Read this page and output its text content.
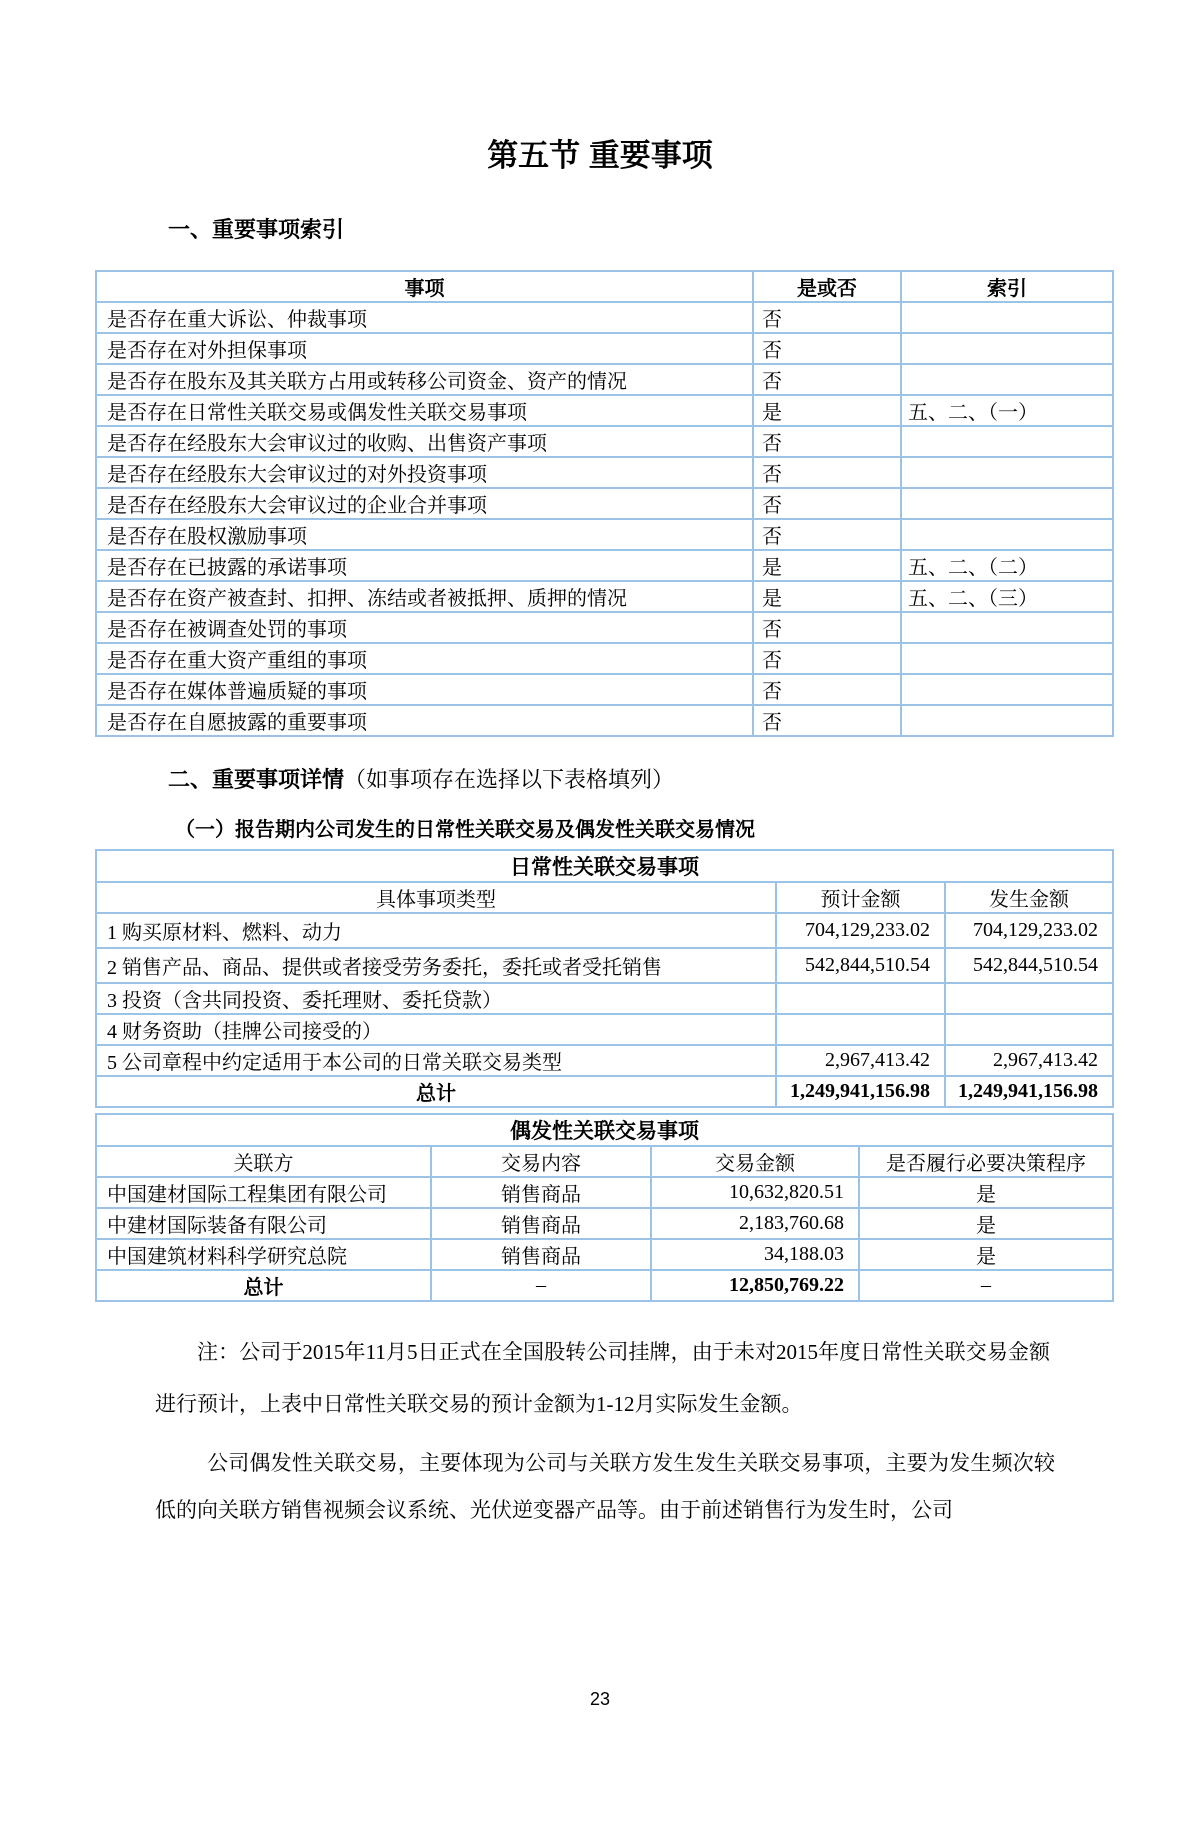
第五节 重要事项
一、重要事项索引
事项	是或否	索引
是否存在重大诉讼、仲裁事项	否	
是否存在对外担保事项	否	
是否存在股东及其关联方占用或转移公司资金、资产的情况	否	
是否存在日常性关联交易或偶发性关联交易事项	是	五、二、（一）
是否存在经股东大会审议过的收购、出售资产事项	否	
是否存在经股东大会审议过的对外投资事项	否	
是否存在经股东大会审议过的企业合并事项	否	
是否存在股权激励事项	否	
是否存在已披露的承诺事项	是	五、二、（二）
是否存在资产被查封、扣押、冻结或者被抵押、质押的情况	是	五、二、（三）
是否存在被调查处罚的事项	否	
是否存在重大资产重组的事项	否	
是否存在媒体普遍质疑的事项	否	
是否存在自愿披露的重要事项	否	
二、重要事项详情（如事项存在选择以下表格填列）
（一）报告期内公司发生的日常性关联交易及偶发性关联交易情况
日常性关联交易事项		
具体事项类型	预计金额	发生金额
1 购买原材料、燃料、动力	704,129,233.02	704,129,233.02
2 销售产品、商品、提供或者接受劳务委托，委托或者受托销售	542,844,510.54	542,844,510.54
3 投资（含共同投资、委托理财、委托贷款）		
4 财务资助（挂牌公司接受的）		
5 公司章程中约定适用于本公司的日常关联交易类型	2,967,413.42	2,967,413.42
总计	1,249,941,156.98	1,249,941,156.98
偶发性关联交易事项			
关联方	交易内容	交易金额	是否履行必要决策程序
中国建材国际工程集团有限公司	销售商品	10,632,820.51	是
中建材国际装备有限公司	销售商品	2,183,760.68	是
中国建筑材料科学研究总院	销售商品	34,188.03	是
总计	–	12,850,769.22	–

注：公司于2015年11月5日正式在全国股转公司挂牌，由于未对2015年度日常性关联交易金额进行预计，上表中日常性关联交易的预计金额为1-12月实际发生金额。

公司偶发性关联交易，主要体现为公司与关联方发生发生关联交易事项，主要为发生频次较低的向关联方销售视频会议系统、光伏逆变器产品等。由于前述销售行为发生时，公司

23
